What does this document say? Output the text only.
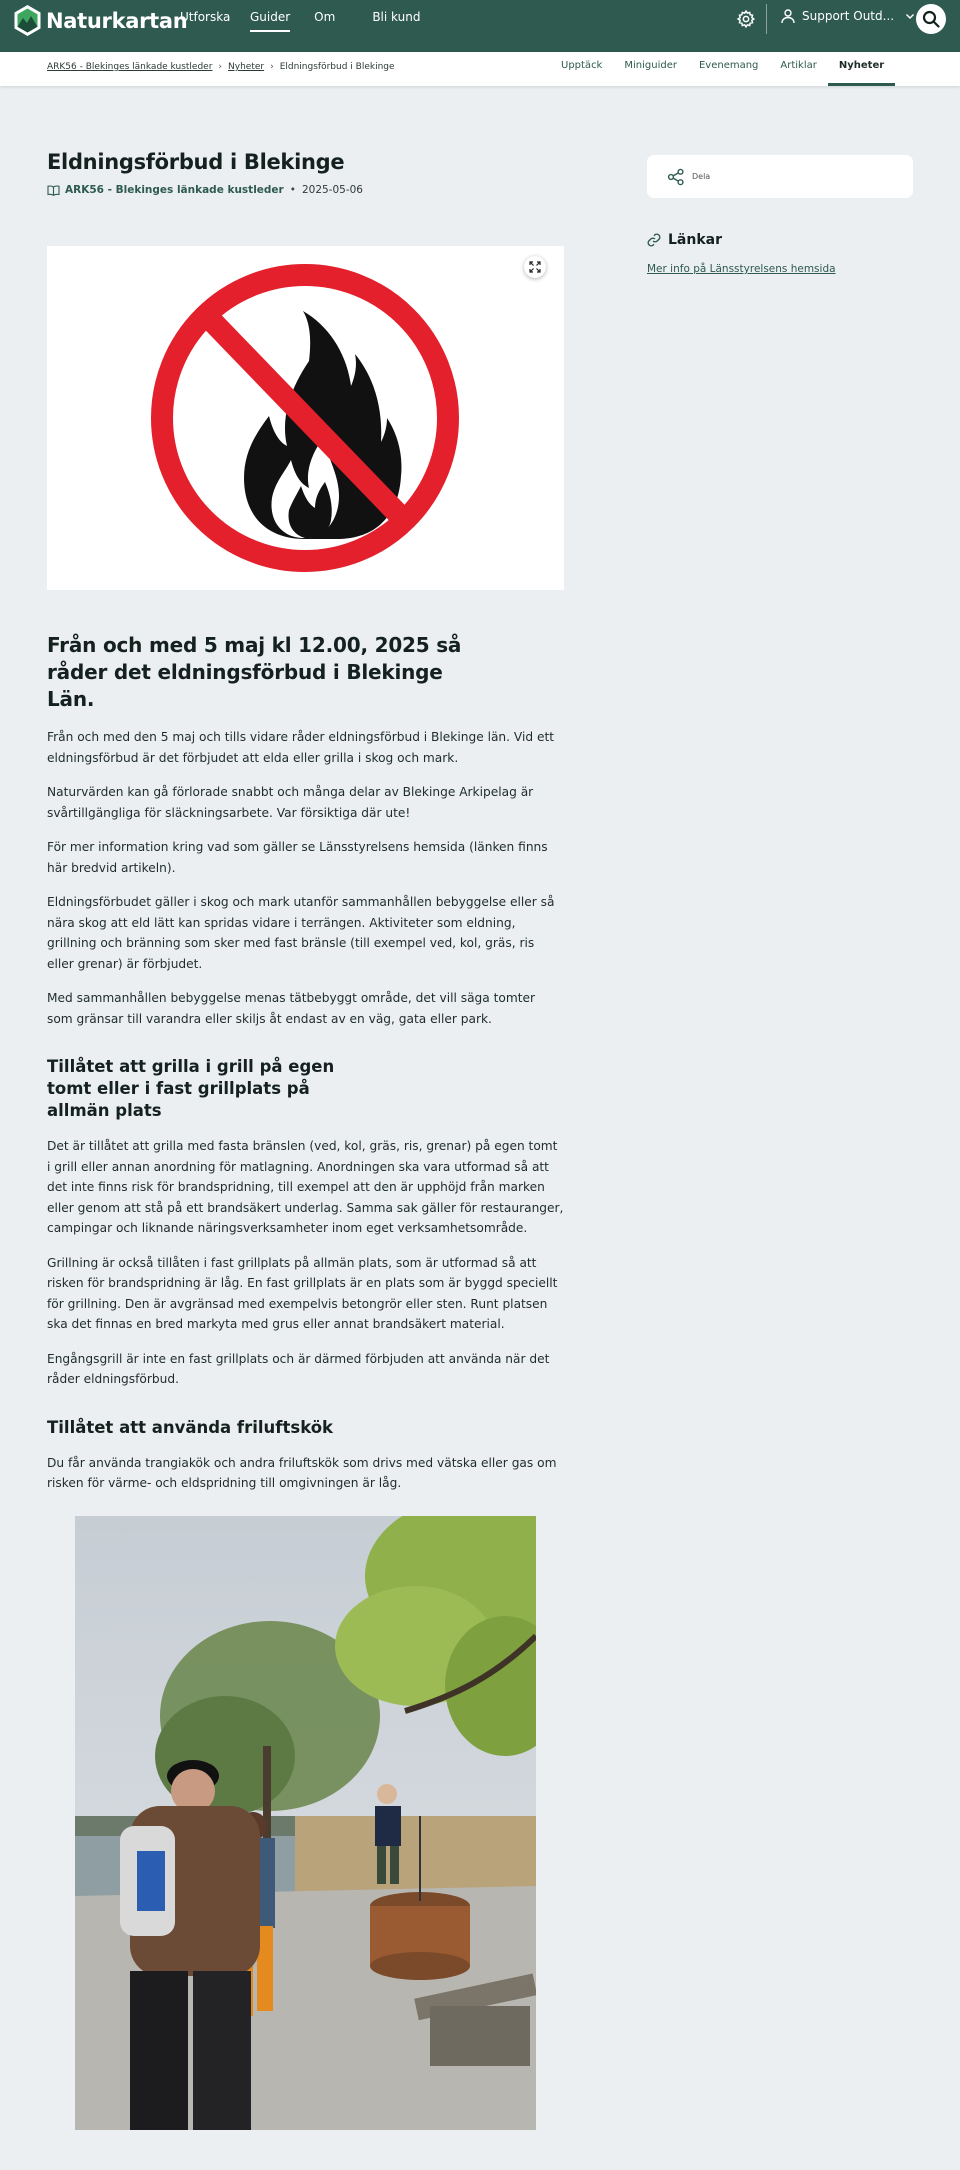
Naturkartan
Utforska	Guider Om	Bli kund	Support Outd...
ARK56 - Blekinges länkade kustleder › Nyheter › Eldningsförbud i Blekinge	Upptäck	Miniguider	Evenemang	Artiklar	Nyheter
Eldningsförbud i Blekinge
ARK56 - Blekinges länkade kustleder • 2025-05-06
Från och med 5 maj kl 12.00, 2025 så råder det eldningsförbud i Blekinge Län.

Från och med den 5 maj och tills vidare råder eldningsförbud i Blekinge län. Vid ett eldningsförbud är det förbjudet att elda eller grilla i skog och mark.

Naturvärden kan gå förlorade snabbt och många delar av Blekinge Arkipelag är svårtillgängliga för släckningsarbete. Var försiktiga där ute!

För mer information kring vad som gäller se Länsstyrelsens hemsida (länken finns här bredvid artikeln).

Eldningsförbudet gäller i skog och mark utanför sammanhållen bebyggelse eller så nära skog att eld lätt kan spridas vidare i terrängen. Aktiviteter som eldning, grillning och bränning som sker med fast bränsle (till exempel ved, kol, gräs, ris eller grenar) är förbjudet.

Med sammanhållen bebyggelse menas tätbebyggt område, det vill säga tomter som gränsar till varandra eller skiljs åt endast av en väg, gata eller park.

Tillåtet att grilla i grill på egen tomt eller i fast grillplats på allmän plats

Det är tillåtet att grilla med fasta bränslen (ved, kol, gräs, ris, grenar) på egen tomt i grill eller annan anordning för matlagning. Anordningen ska vara utformad så att det inte finns risk för brandspridning, till exempel att den är upphöjd från marken eller genom att stå på ett brandsäkert underlag. Samma sak gäller för restauranger, campingar och liknande näringsverksamheter inom eget verksamhetsområde.

Grillning är också tillåten i fast grillplats på allmän plats, som är utformad så att risken för brandspridning är låg. En fast grillplats är en plats som är byggd speciellt för grillning. Den är avgränsad med exempelvis betongrör eller sten. Runt platsen ska det finnas en bred markyta med grus eller annat brandsäkert material.

Engångsgrill är inte en fast grillplats och är därmed förbjuden att använda när det råder eldningsförbud.

Tillåtet att använda friluftskök

Du får använda trangiakök och andra friluftskök som drivs med vätska eller gas om risken för värme- och eldspridning till omgivningen är låg.

Dela
Länkar
Mer info på Länsstyrelsens hemsida
